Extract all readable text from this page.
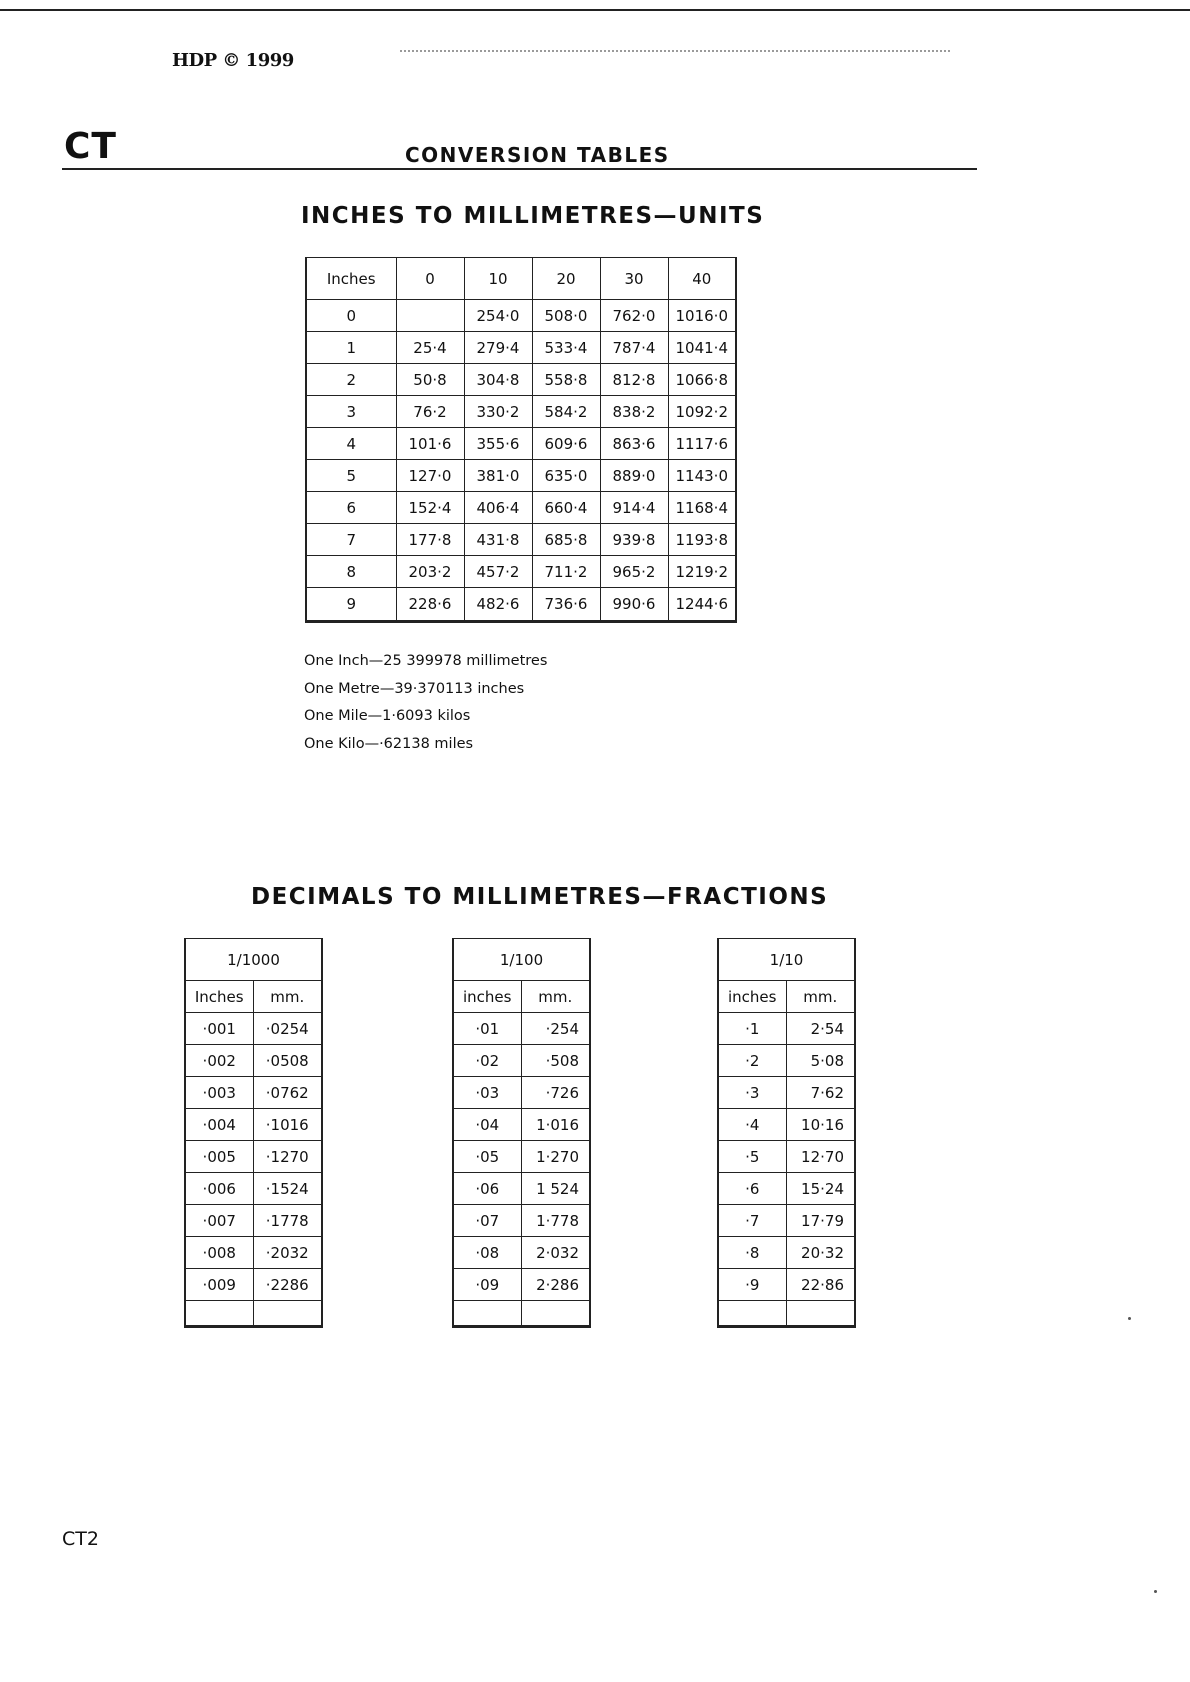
HDP © 1999
CT	CONVERSION TABLES
INCHES TO MILLIMETRES—UNITS
Inches	0	10	20	30	40
0		254·0	508·0	762·0	1016·0
1	25·4	279·4	533·4	787·4	1041·4
2	50·8	304·8	558·8	812·8	1066·8
3	76·2	330·2	584·2	838·2	1092·2
4	101·6	355·6	609·6	863·6	1117·6
5	127·0	381·0	635·0	889·0	1143·0
6	152·4	406·4	660·4	914·4	1168·4
7	177·8	431·8	685·8	939·8	1193·8
8	203·2	457·2	711·2	965·2	1219·2
9	228·6	482·6	736·6	990·6	1244·6
One Inch—25 399978 millimetres
One Metre—39·370113 inches
One Mile—1·6093 kilos
One Kilo—·62138 miles
DECIMALS TO MILLIMETRES—FRACTIONS
1/1000	
Inches	mm.
·001	·0254
·002	·0508
·003	·0762
·004	·1016
·005	·1270
·006	·1524
·007	·1778
·008	·2032
·009	·2286

1/100	
inches	mm.
·01	·254
·02	·508
·03	·726
·04	1·016
·05	1·270
·06	1 524
·07	1·778
·08	2·032
·09	2·286

1/10	
inches	mm.
·1	2·54
·2	5·08
·3	7·62
·4	10·16
·5	12·70
·6	15·24
·7	17·79
·8	20·32
·9	22·86

CT2
